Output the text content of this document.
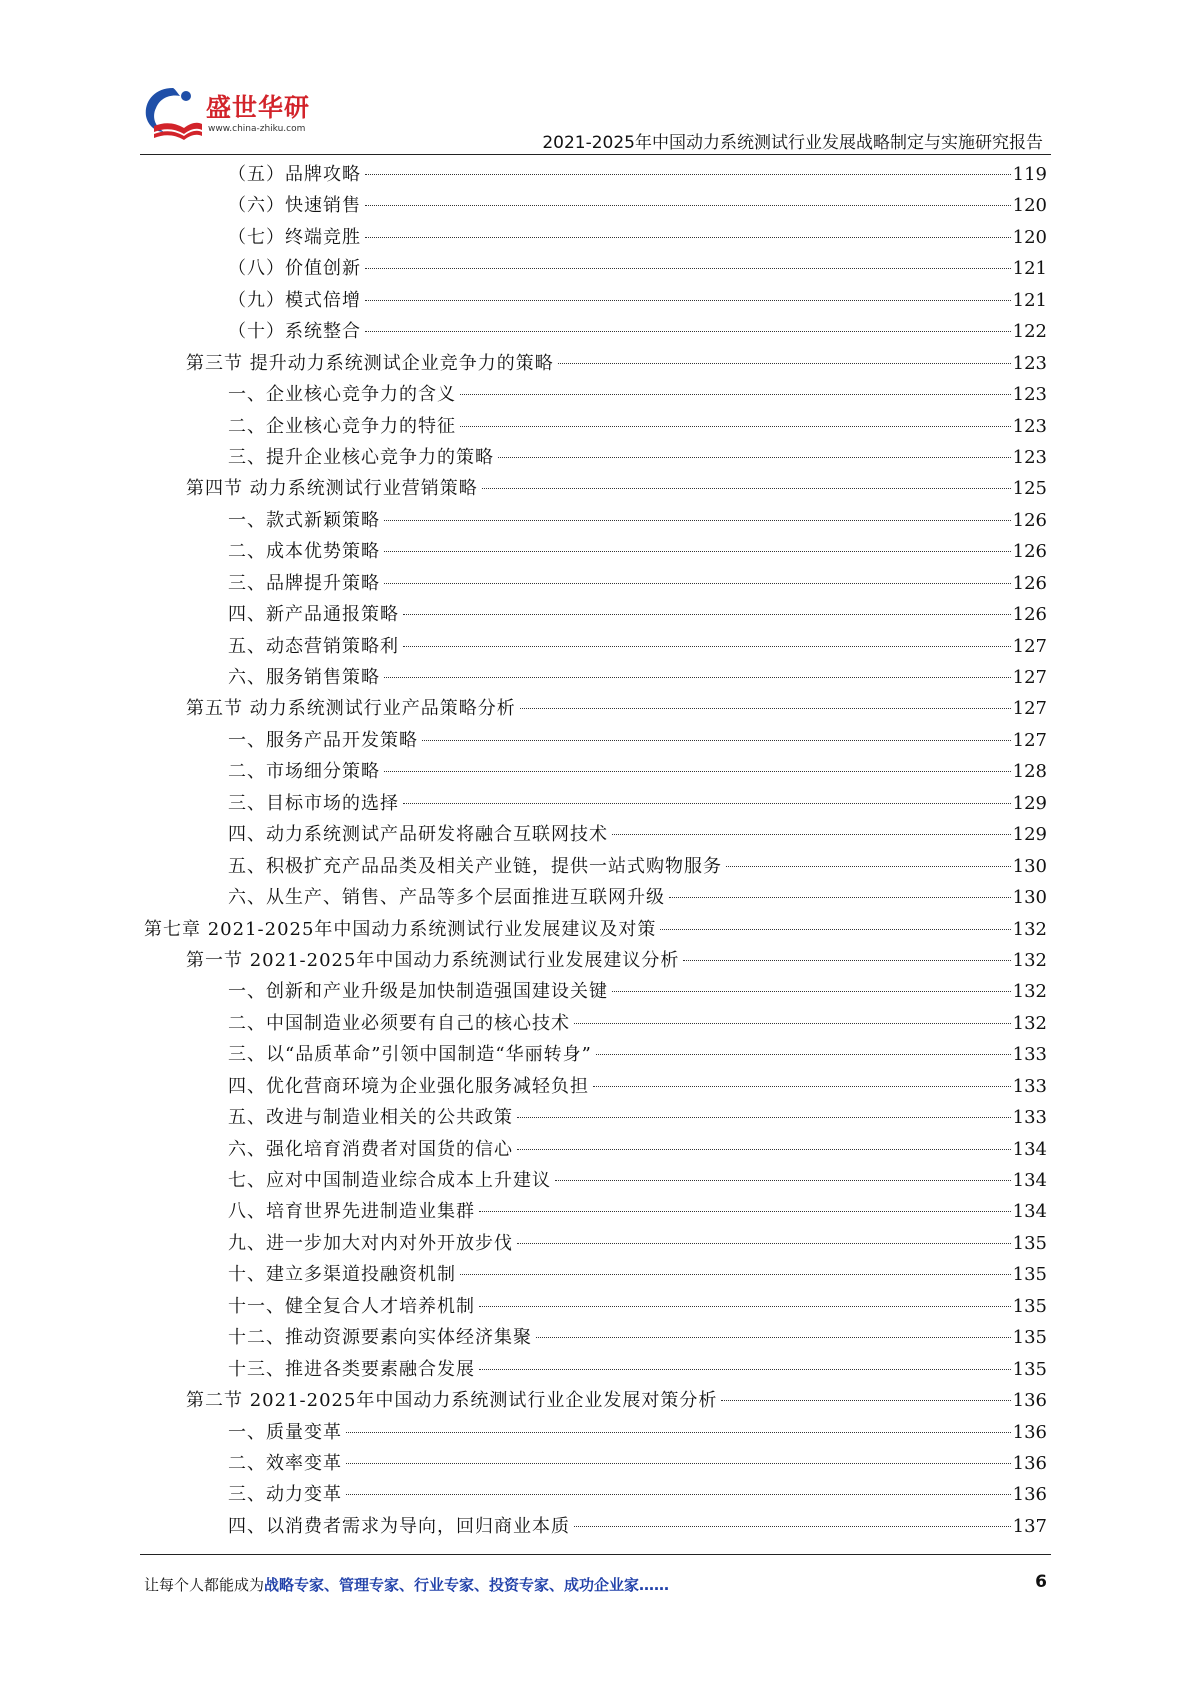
盛世华研
www.china-zhiku.com
2021-2025年中国动力系统测试行业发展战略制定与实施研究报告
（五）品牌攻略	119
（六）快速销售	120
（七）终端竞胜	120
（八）价值创新	121
（九）模式倍增	121
（十）系统整合	122
第三节 提升动力系统测试企业竞争力的策略	123
一、企业核心竞争力的含义	123
二、企业核心竞争力的特征	123
三、提升企业核心竞争力的策略	123
第四节 动力系统测试行业营销策略	125
一、款式新颖策略	126
二、成本优势策略	126
三、品牌提升策略	126
四、新产品通报策略	126
五、动态营销策略利	127
六、服务销售策略	127
第五节 动力系统测试行业产品策略分析	127
一、服务产品开发策略	127
二、市场细分策略	128
三、目标市场的选择	129
四、动力系统测试产品研发将融合互联网技术	129
五、积极扩充产品品类及相关产业链，提供一站式购物服务	130
六、从生产、销售、产品等多个层面推进互联网升级	130
第七章 2021-2025年中国动力系统测试行业发展建议及对策	132
第一节 2021-2025年中国动力系统测试行业发展建议分析	132
一、创新和产业升级是加快制造强国建设关键	132
二、中国制造业必须要有自己的核心技术	132
三、以“品质革命”引领中国制造“华丽转身”	133
四、优化营商环境为企业强化服务减轻负担	133
五、改进与制造业相关的公共政策	133
六、强化培育消费者对国货的信心	134
七、应对中国制造业综合成本上升建议	134
八、培育世界先进制造业集群	134
九、进一步加大对内对外开放步伐	135
十、建立多渠道投融资机制	135
十一、健全复合人才培养机制	135
十二、推动资源要素向实体经济集聚	135
十三、推进各类要素融合发展	135
第二节 2021-2025年中国动力系统测试行业企业发展对策分析	136
一、质量变革	136
二、效率变革	136
三、动力变革	136
四、以消费者需求为导向，回归商业本质	137
让每个人都能成为战略专家、管理专家、行业专家、投资专家、成功企业家……	6
